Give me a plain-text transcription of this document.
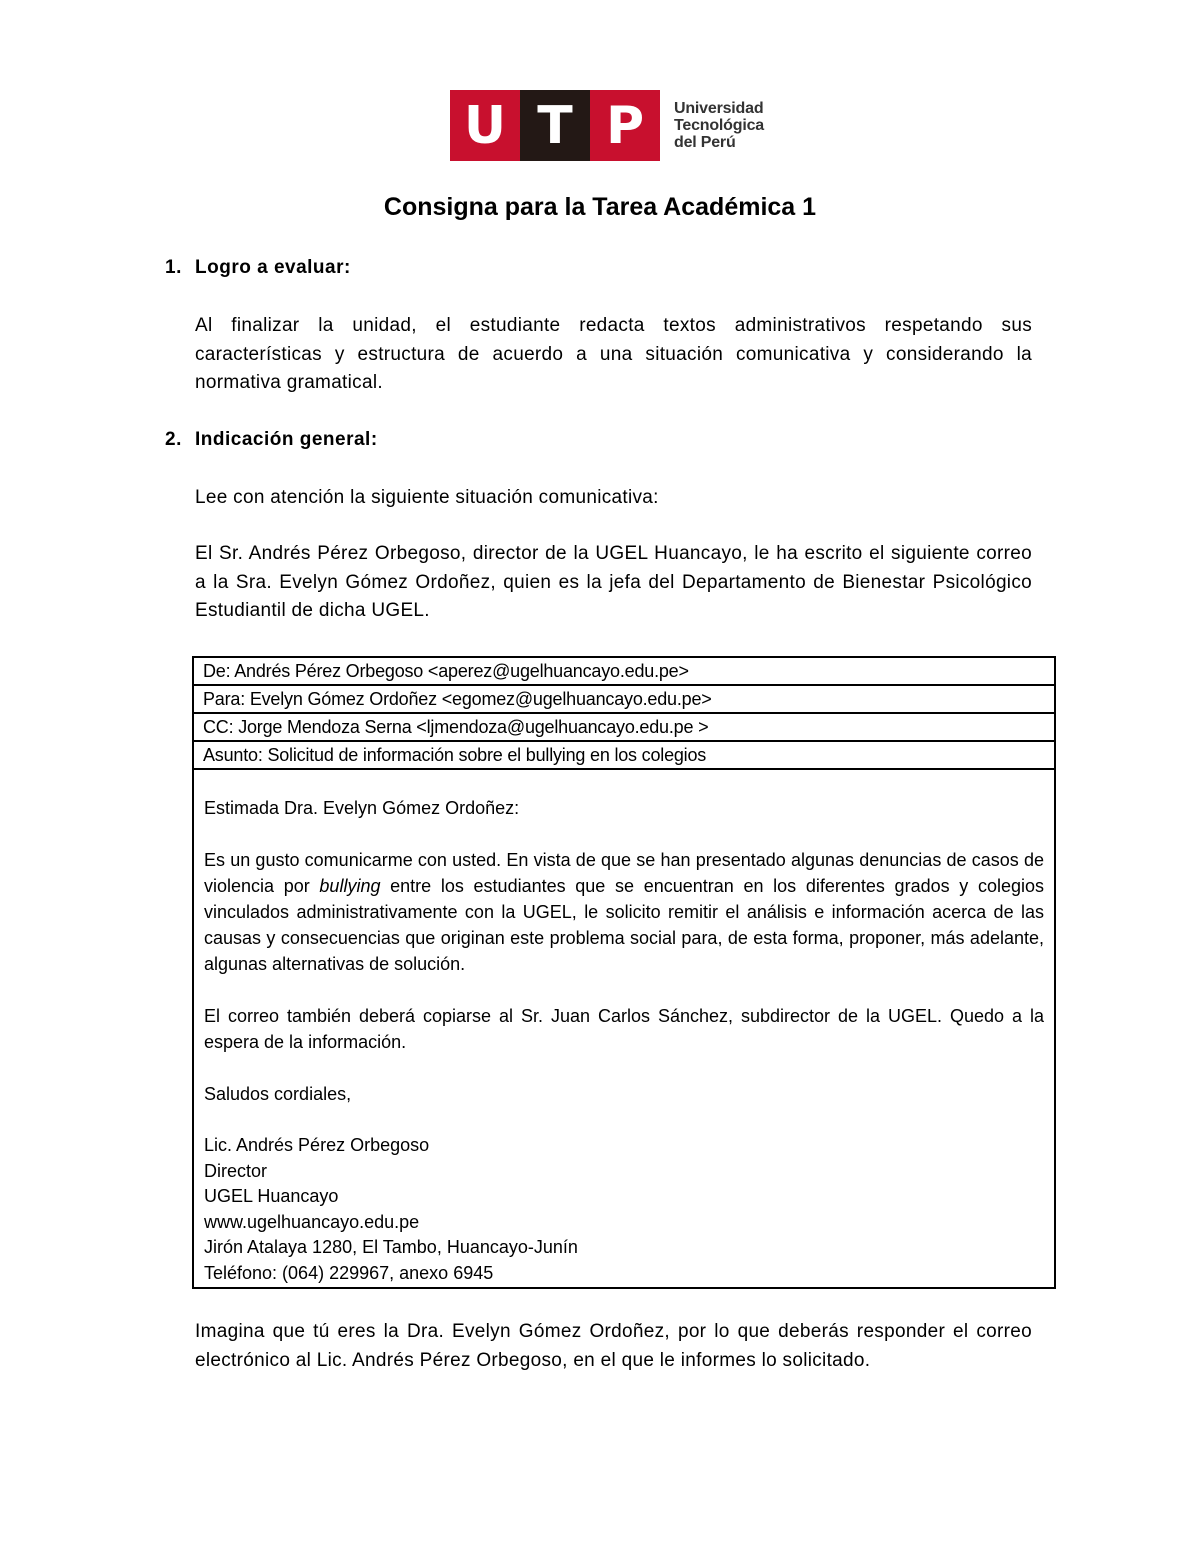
U T P	Universidad
Tecnológica
del Perú
Consigna para la Tarea Académica 1
1. Logro a evaluar:
Al finalizar la unidad, el estudiante redacta textos administrativos respetando sus características y estructura de acuerdo a una situación comunicativa y considerando la normativa gramatical.
2. Indicación general:
Lee con atención la siguiente situación comunicativa:
El Sr. Andrés Pérez Orbegoso, director de la UGEL Huancayo, le ha escrito el siguiente correo a la Sra. Evelyn Gómez Ordoñez, quien es la jefa del Departamento de Bienestar Psicológico Estudiantil de dicha UGEL.
De: Andrés Pérez Orbegoso <aperez@ugelhuancayo.edu.pe>
Para: Evelyn Gómez Ordoñez <egomez@ugelhuancayo.edu.pe>
CC: Jorge Mendoza Serna <ljmendoza@ugelhuancayo.edu.pe >
Asunto: Solicitud de información sobre el bullying en los colegios

Estimada Dra. Evelyn Gómez Ordoñez:

Es un gusto comunicarme con usted. En vista de que se han presentado algunas denuncias de casos de violencia por bullying entre los estudiantes que se encuentran en los diferentes grados y colegios vinculados administrativamente con la UGEL, le solicito remitir el análisis e información acerca de las causas y consecuencias que originan este problema social para, de esta forma, proponer, más adelante, algunas alternativas de solución.

El correo también deberá copiarse al Sr. Juan Carlos Sánchez, subdirector de la UGEL. Quedo a la espera de la información.

Saludos cordiales,

Lic. Andrés Pérez Orbegoso
Director
UGEL Huancayo
www.ugelhuancayo.edu.pe
Jirón Atalaya 1280, El Tambo, Huancayo-Junín
Teléfono: (064) 229967, anexo 6945
Imagina que tú eres la Dra. Evelyn Gómez Ordoñez, por lo que deberás responder el correo electrónico al Lic. Andrés Pérez Orbegoso, en el que le informes lo solicitado.
